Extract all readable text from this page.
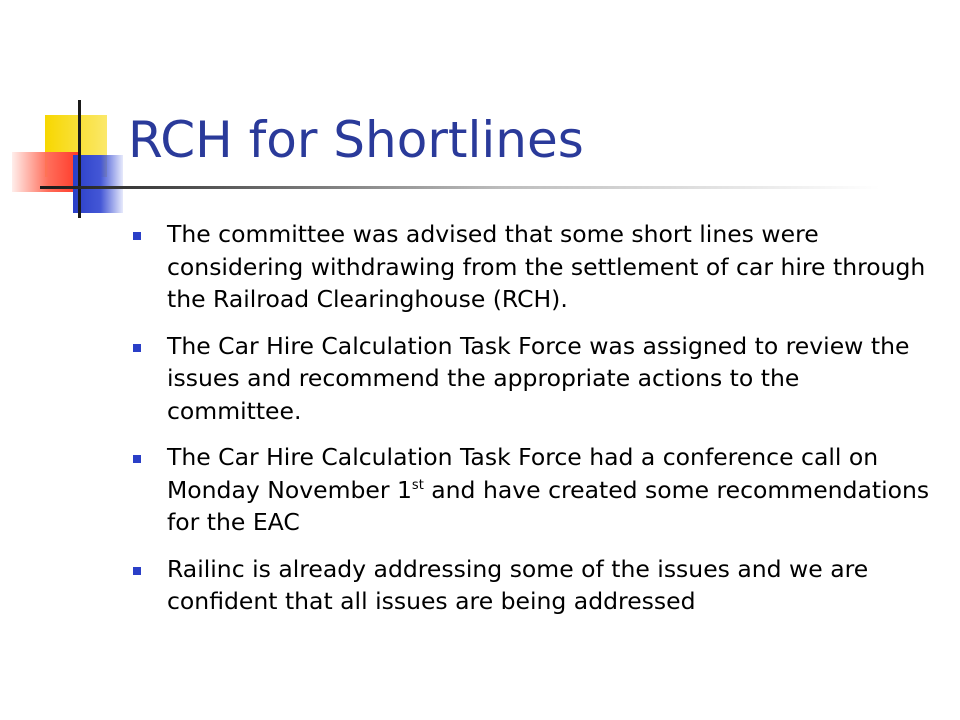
RCH for Shortlines
The committee was advised that some short lines were considering withdrawing from the settlement of car hire through the Railroad Clearinghouse (RCH).
The Car Hire Calculation Task Force was assigned to review the issues and recommend the appropriate actions to the committee.
The Car Hire Calculation Task Force had a conference call on Monday November 1st and have created some recommendations for the EAC
Railinc is already addressing some of the issues and we are confident that all issues are being addressed
